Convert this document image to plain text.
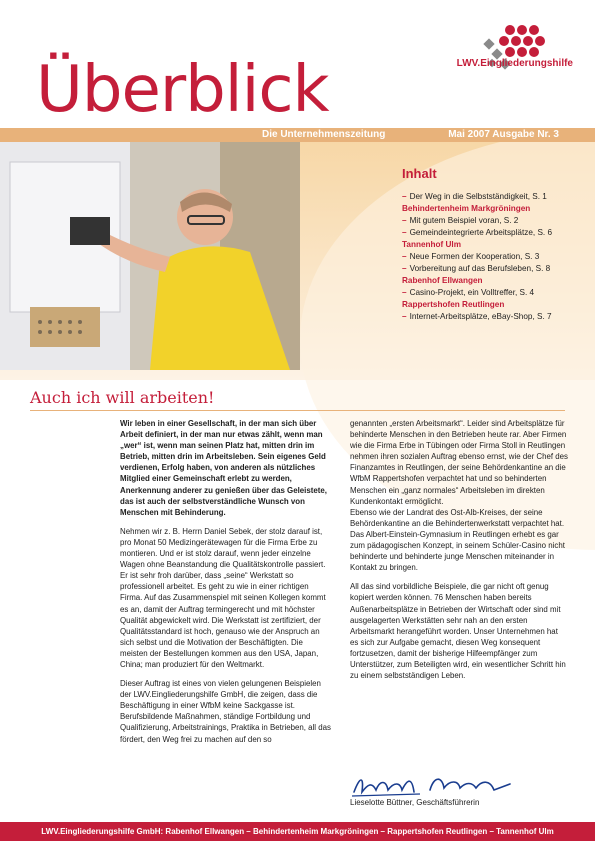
LWV.Eingliederungshilfe
Überblick
Die Unternehmenszeitung	Mai 2007 Ausgabe Nr. 3
Inhalt
– Der Weg in die Selbstständigkeit, S. 1
Behindertenheim Markgröningen
– Mit gutem Beispiel voran, S. 2
– Gemeindeintegrierte Arbeitsplätze, S. 6
Tannenhof Ulm
– Neue Formen der Kooperation, S. 3
– Vorbereitung auf das Berufsleben, S. 8
Rabenhof Ellwangen
– Casino-Projekt, ein Volltreffer, S. 4
Rappertshofen Reutlingen
– Internet-Arbeitsplätze, eBay-Shop, S. 7
Auch ich will arbeiten!

Wir leben in einer Gesellschaft, in der man sich über Arbeit definiert, in der man nur etwas zählt, wenn man „wer“ ist, wenn man seinen Platz hat, mitten drin im Betrieb, mitten drin im Arbeitsleben. Sein eigenes Geld verdienen, Erfolg haben, von anderen als nützliches Mitglied einer Gemeinschaft erlebt zu werden, Anerkennung anderer zu genießen über das Geleistete, das ist auch der selbstverständliche Wunsch von Menschen mit Behinderung.

Nehmen wir z. B. Herrn Daniel Sebek, der stolz darauf ist, pro Monat 50 Medizingerätewagen für die Firma Erbe zu montieren. Und er ist stolz darauf, wenn jeder einzelne Wagen ohne Beanstandung die Qualitätskontrolle passiert. Er ist sehr froh darüber, dass „seine“ Werkstatt so professionell arbeitet. Es geht zu wie in einer richtigen Firma. Auf das Zusammenspiel mit seinen Kollegen kommt es an, damit der Auftrag termingerecht und mit höchster Qualität abgewickelt wird. Die Werkstatt ist zertifiziert, der Qualitätsstandard ist hoch, genauso wie der Anspruch an sich selbst und die Motivation der Beschäftigten. Die meisten der Bestellungen kommen aus den USA, Japan, China; man produziert für den Weltmarkt.

Dieser Auftrag ist eines von vielen gelungenen Beispielen der LWV.Eingliederungshilfe GmbH, die zeigen, dass die Beschäftigung in einer WfbM keine Sackgasse ist. Berufsbildende Maßnahmen, ständige Fortbildung und Qualifizierung, Arbeitstrainings, Praktika in Betrieben, all das fördert, den Weg frei zu machen auf den so

genannten „ersten Arbeitsmarkt“. Leider sind Arbeitsplätze für behinderte Menschen in den Betrieben heute rar. Aber Firmen wie die Firma Erbe in Tübingen oder Firma Stoll in Reutlingen nehmen ihren sozialen Auftrag ebenso ernst, wie der Chef des Finanzamtes in Reutlingen, der seine Behördenkantine an die WfbM Rappertshofen verpachtet hat und so behinderten Menschen ein „ganz normales“ Arbeitsleben im direkten Kundenkontakt ermöglicht.

Ebenso wie der Landrat des Ost-Alb-Kreises, der seine Behördenkantine an die Behindertenwerkstatt verpachtet hat. Das Albert-Einstein-Gymnasium in Reutlingen erhebt es gar zum pädagogischen Konzept, in seinem Schüler-Casino nicht behinderte und behinderte junge Menschen miteinander in Kontakt zu bringen.

All das sind vorbildliche Beispiele, die gar nicht oft genug kopiert werden können. 76 Menschen haben bereits Außenarbeitsplätze in Betrieben der Wirtschaft oder sind mit ausgelagerten Werkstätten sehr nah an den ersten Arbeitsmarkt herangeführt worden. Unser Unternehmen hat es sich zur Aufgabe gemacht, diesen Weg konsequent fortzusetzen, damit der bisherige Hilfeempfänger zum Unterstützer, zum Beteiligten wird, ein wesentlicher Schritt hin zu einem selbstständigen Leben.

Lieselotte Büttner, Geschäftsführerin
LWV.Eingliederungshilfe GmbH: Rabenhof Ellwangen – Behindertenheim Markgröningen – Rappertshofen Reutlingen – Tannenhof Ulm
